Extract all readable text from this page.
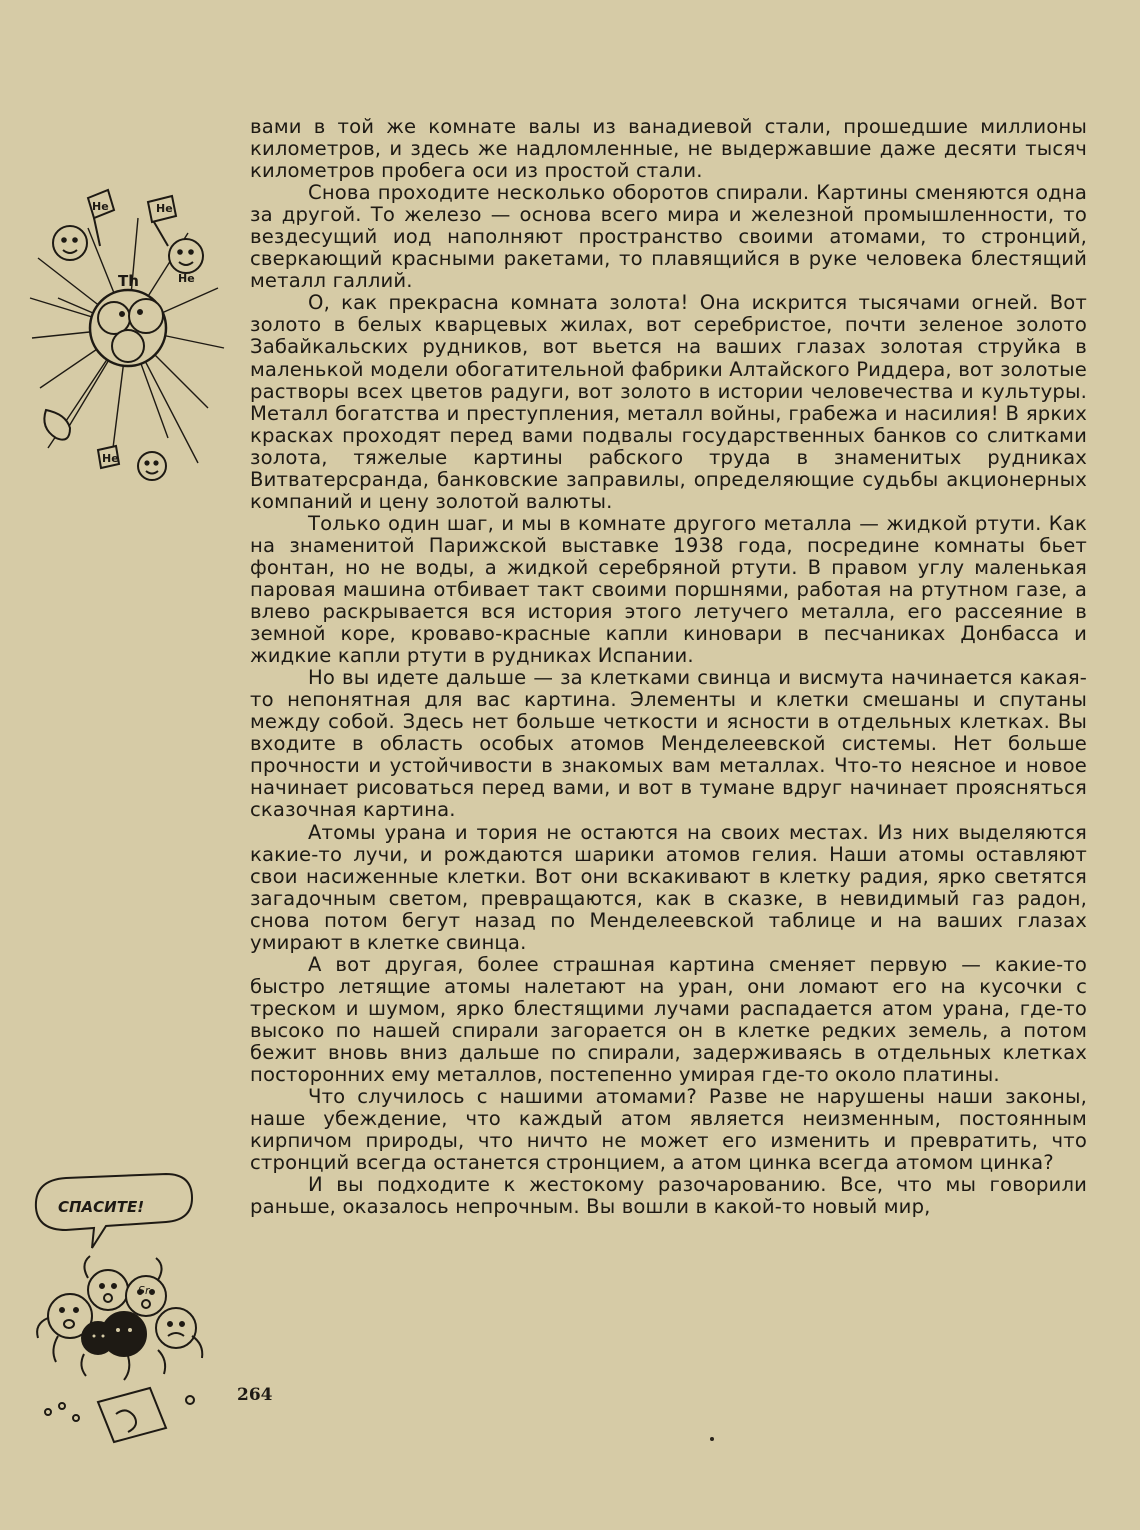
He	He
Th
He
He

вами в той же комнате валы из ванадиевой стали, прошедшие миллионы километров, и здесь же надломленные, не выдержавшие даже десяти тысяч километров пробега оси из простой стали.

Снова проходите несколько оборотов спирали. Картины сменяются одна за другой. То железо — основа всего мира и железной промышленности, то вездесущий иод наполняют пространство своими атомами, то стронций, сверкающий красными ракетами, то плавящийся в руке человека блестящий металл галлий.

О, как прекрасна комната золота! Она искрится тысячами огней. Вот золото в белых кварцевых жилах, вот серебристое, почти зеленое золото Забайкальских рудников, вот вьется на ваших глазах золотая струйка в маленькой модели обогатительной фабрики Алтайского Риддера, вот золотые растворы всех цветов радуги, вот золото в истории человечества и культуры. Металл богатства и преступления, металл войны, грабежа и насилия! В ярких красках проходят перед вами подвалы государственных банков со слитками золота, тяжелые картины рабского труда в знаменитых рудниках Витватерсранда, банковские заправилы, определяющие судьбы акционерных компаний и цену золотой валюты.

Только один шаг, и мы в комнате другого металла — жидкой ртути. Как на знаменитой Парижской выставке 1938 года, посредине комнаты бьет фонтан, но не воды, а жидкой серебряной ртути. В правом углу маленькая паровая машина отбивает такт своими поршнями, работая на ртутном газе, а влево раскрывается вся история этого летучего металла, его рассеяние в земной коре, кроваво-красные капли киновари в песчаниках Донбасса и жидкие капли ртути в рудниках Испании.

Но вы идете дальше — за клетками свинца и висмута начинается какая-то непонятная для вас картина. Элементы и клетки смешаны и спутаны между собой. Здесь нет больше четкости и ясности в отдельных клетках. Вы входите в область особых атомов Менделеевской системы. Нет больше прочности и устойчивости в знакомых вам металлах. Что-то неясное и новое начинает рисоваться перед вами, и вот в тумане вдруг начинает проясняться сказочная картина.

Атомы урана и тория не остаются на своих местах. Из них выделяются какие-то лучи, и рождаются шарики атомов гелия. Наши атомы оставляют свои насиженные клетки. Вот они вскакивают в клетку радия, ярко светятся загадочным светом, превращаются, как в сказке, в невидимый газ радон, снова потом бегут назад по Менделеевской таблице и на ваших глазах умирают в клетке свинца.

А вот другая, более страшная картина сменяет первую — какие-то быстро летящие атомы налетают на уран, они ломают его на кусочки с треском и шумом, ярко блестящими лучами распадается атом урана, где-то высоко по нашей спирали загорается он в клетке редких земель, а потом бежит вновь вниз дальше по спирали, задерживаясь в отдельных клетках посторонних ему металлов, постепенно умирая где-то около платины.

Что случилось с нашими атомами? Разве не нарушены наши законы, наше убеждение, что каждый атом является неизменным, постоянным кирпичом природы, что ничто не может его изменить и превратить, что стронций всегда останется стронцием, а атом цинка всегда атомом цинка?

И вы подходите к жестокому разочарованию. Все, что мы говорили раньше, оказалось непрочным. Вы вошли в какой-то новый мир,

СПАСИТЕ!
Sr
264
